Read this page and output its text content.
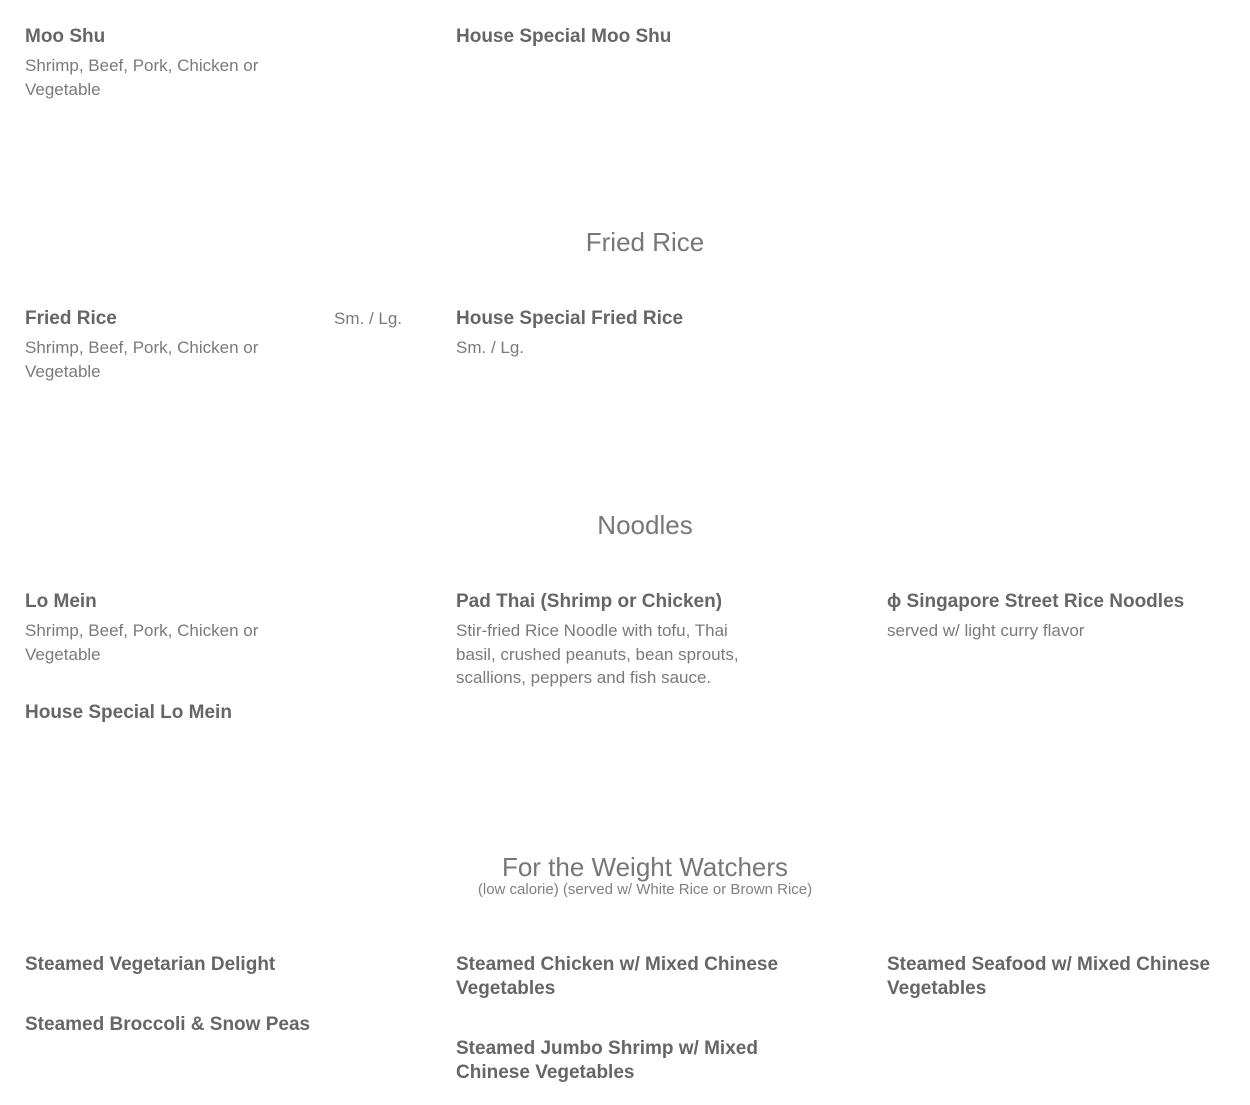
Moo Shu
Shrimp, Beef, Pork, Chicken or Vegetable
House Special Moo Shu
Fried Rice
Fried Rice
Shrimp, Beef, Pork, Chicken or Vegetable
Sm. / Lg.	House Special Fried Rice
Sm. / Lg.
Noodles
Lo Mein
Shrimp, Beef, Pork, Chicken or Vegetable
House Special Lo Mein
Pad Thai (Shrimp or Chicken)
Stir-fried Rice Noodle with tofu, Thai basil, crushed peanuts, bean sprouts, scallions, peppers and fish sauce.
ɸ Singapore Street Rice Noodles
served w/ light curry flavor
For the Weight Watchers
(low calorie) (served w/ White Rice or Brown Rice)
Steamed Vegetarian Delight
Steamed Broccoli & Snow Peas
Steamed Chicken w/ Mixed Chinese Vegetables
Steamed Jumbo Shrimp w/ Mixed Chinese Vegetables
Steamed Seafood w/ Mixed Chinese Vegetables
